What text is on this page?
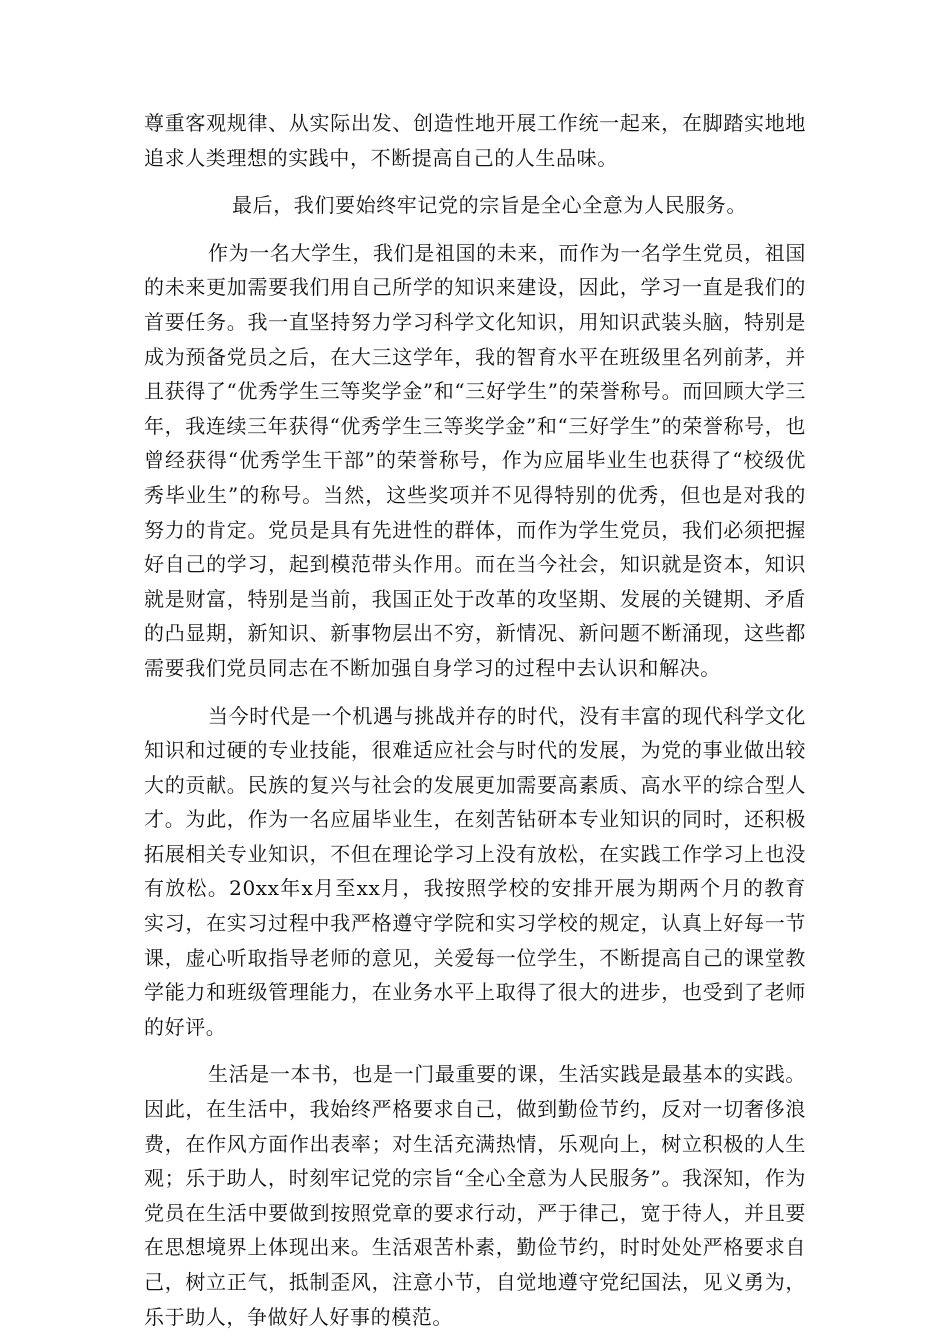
尊重客观规律、从实际出发、创造性地开展工作统一起来，在脚踏实地地追求人类理想的实践中，不断提高自己的人生品味。

最后，我们要始终牢记党的宗旨是全心全意为人民服务。

作为一名大学生，我们是祖国的未来，而作为一名学生党员，祖国的未来更加需要我们用自己所学的知识来建设，因此，学习一直是我们的首要任务。我一直坚持努力学习科学文化知识，用知识武装头脑，特别是成为预备党员之后，在大三这学年，我的智育水平在班级里名列前茅，并且获得了“优秀学生三等奖学金”和“三好学生”的荣誉称号。而回顾大学三年，我连续三年获得“优秀学生三等奖学金”和“三好学生”的荣誉称号，也曾经获得“优秀学生干部”的荣誉称号，作为应届毕业生也获得了“校级优秀毕业生”的称号。当然，这些奖项并不见得特别的优秀，但也是对我的努力的肯定。党员是具有先进性的群体，而作为学生党员，我们必须把握好自己的学习，起到模范带头作用。而在当今社会，知识就是资本，知识就是财富，特别是当前，我国正处于改革的攻坚期、发展的关键期、矛盾的凸显期，新知识、新事物层出不穷，新情况、新问题不断涌现，这些都需要我们党员同志在不断加强自身学习的过程中去认识和解决。

当今时代是一个机遇与挑战并存的时代，没有丰富的现代科学文化知识和过硬的专业技能，很难适应社会与时代的发展，为党的事业做出较大的贡献。民族的复兴与社会的发展更加需要高素质、高水平的综合型人才。为此，作为一名应届毕业生，在刻苦钻研本专业知识的同时，还积极拓展相关专业知识，不但在理论学习上没有放松，在实践工作学习上也没有放松。20xx年x月至xx月，我按照学校的安排开展为期两个月的教育实习，在实习过程中我严格遵守学院和实习学校的规定，认真上好每一节课，虚心听取指导老师的意见，关爱每一位学生，不断提高自己的课堂教学能力和班级管理能力，在业务水平上取得了很大的进步，也受到了老师的好评。

生活是一本书，也是一门最重要的课，生活实践是最基本的实践。因此，在生活中，我始终严格要求自己，做到勤俭节约，反对一切奢侈浪费，在作风方面作出表率；对生活充满热情，乐观向上，树立积极的人生观；乐于助人，时刻牢记党的宗旨“全心全意为人民服务”。我深知，作为党员在生活中要做到按照党章的要求行动，严于律己，宽于待人，并且要在思想境界上体现出来。生活艰苦朴素，勤俭节约，时时处处严格要求自己，树立正气，抵制歪风，注意小节，自觉地遵守党纪国法，见义勇为，乐于助人，争做好人好事的模范。
